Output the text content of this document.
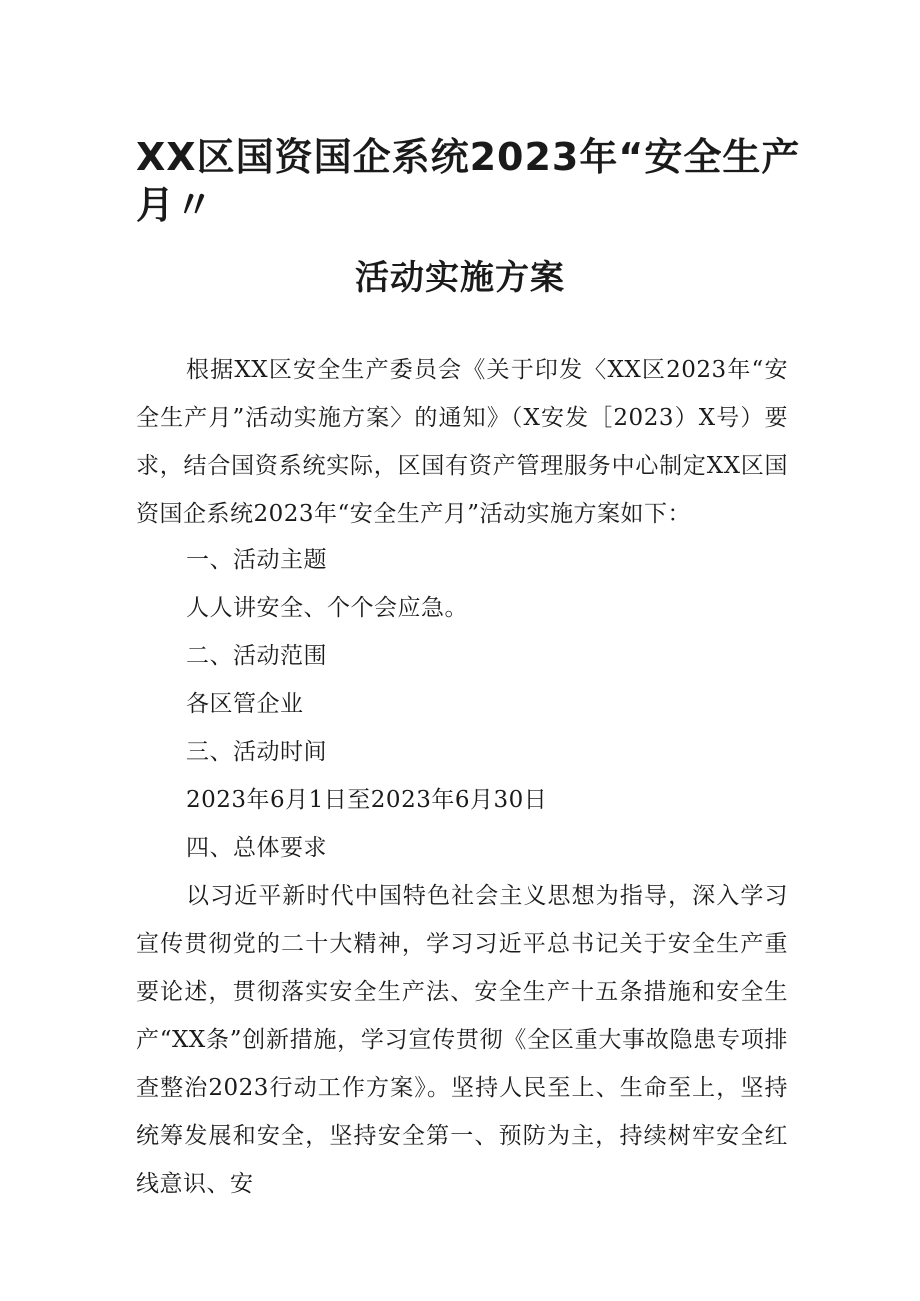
XX区国资国企系统2023年“安全生产
月〃
活动实施方案

根据XX区安全生产委员会《关于印发〈XX区2023年“安全生产月”活动实施方案〉的通知》（X安发［2023）X号）要求，结合国资系统实际，区国有资产管理服务中心制定XX区国资国企系统2023年“安全生产月”活动实施方案如下：

一、活动主题

人人讲安全、个个会应急。

二、活动范围

各区管企业

三、活动时间

2023年6月1日至2023年6月30日

四、总体要求

以习近平新时代中国特色社会主义思想为指导，深入学习宣传贯彻党的二十大精神，学习习近平总书记关于安全生产重要论述，贯彻落实安全生产法、安全生产十五条措施和安全生产“XX条”创新措施，学习宣传贯彻《全区重大事故隐患专项排查整治2023行动工作方案》。坚持人民至上、生命至上，坚持统筹发展和安全，坚持安全第一、预防为主，持续树牢安全红线意识、安
